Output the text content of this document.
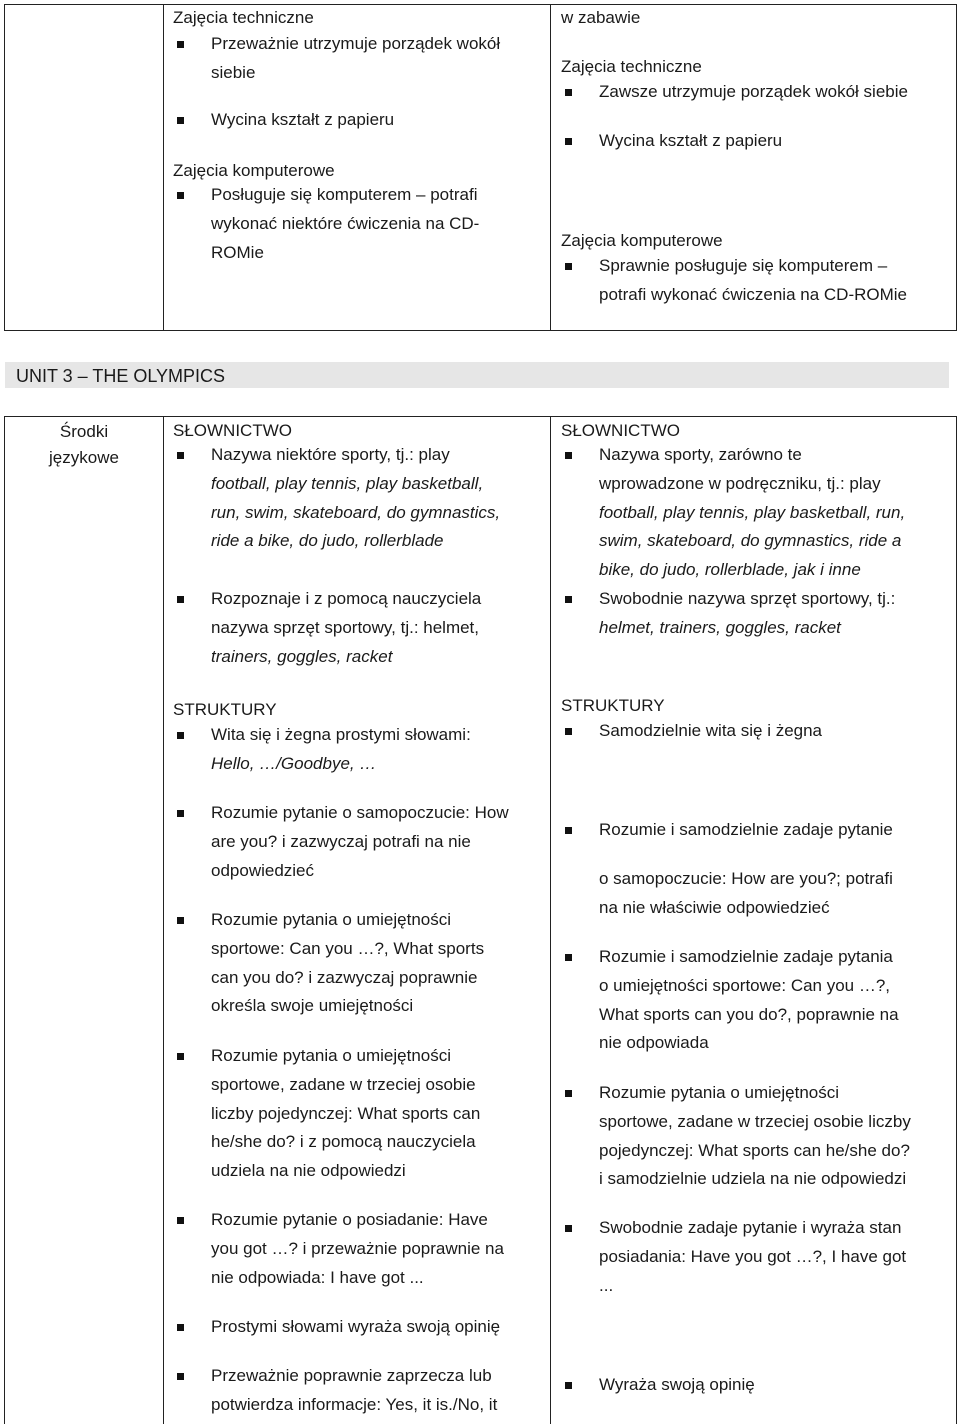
Zajęcia techniczne
Przeważnie utrzymuje porządek wokół
siebie
Wycina kształt z papieru
Zajęcia komputerowe
Posługuje się komputerem – potrafi
wykonać niektóre ćwiczenia na CD-
ROMie
w zabawie
Zajęcia techniczne
Zawsze utrzymuje porządek wokół siebie
Wycina kształt z papieru
Zajęcia komputerowe
Sprawnie posługuje się komputerem –
potrafi wykonać ćwiczenia na CD-ROMie
UNIT 3 – THE OLYMPICS
Środki
językowe
SŁOWNICTWO
Nazywa niektóre sporty, tj.: play
football, play tennis, play basketball,
run, swim, skateboard, do gymnastics,
ride a bike, do judo, rollerblade
Rozpoznaje i z pomocą nauczyciela
nazywa sprzęt sportowy, tj.: helmet,
trainers, goggles, racket
STRUKTURY
Wita się i żegna prostymi słowami:
Hello, …/Goodbye, …
Rozumie pytanie o samopoczucie: How
are you? i zazwyczaj potrafi na nie
odpowiedzieć
Rozumie pytania o umiejętności
sportowe: Can you …?, What sports
can you do? i zazwyczaj poprawnie
określa swoje umiejętności
Rozumie pytania o umiejętności
sportowe, zadane w trzeciej osobie
liczby pojedynczej: What sports can
he/she do? i z pomocą nauczyciela
udziela na nie odpowiedzi
Rozumie pytanie o posiadanie: Have
you got …? i przeważnie poprawnie na
nie odpowiada: I have got ...
Prostymi słowami wyraża swoją opinię
Przeważnie poprawnie zaprzecza lub
potwierdza informacje: Yes, it is./No, it
SŁOWNICTWO
Nazywa sporty, zarówno te
wprowadzone w podręczniku, tj.: play
football, play tennis, play basketball, run,
swim, skateboard, do gymnastics, ride a
bike, do judo, rollerblade, jak i inne
Swobodnie nazywa sprzęt sportowy, tj.:
helmet, trainers, goggles, racket
STRUKTURY
Samodzielnie wita się i żegna
Rozumie i samodzielnie zadaje pytanie
o samopoczucie: How are you?; potrafi
na nie właściwie odpowiedzieć
Rozumie i samodzielnie zadaje pytania
o umiejętności sportowe: Can you …?,
What sports can you do?, poprawnie na
nie odpowiada
Rozumie pytania o umiejętności
sportowe, zadane w trzeciej osobie liczby
pojedynczej: What sports can he/she do?
i samodzielnie udziela na nie odpowiedzi
Swobodnie zadaje pytanie i wyraża stan
posiadania: Have you got …?, I have got
...
Wyraża swoją opinię
